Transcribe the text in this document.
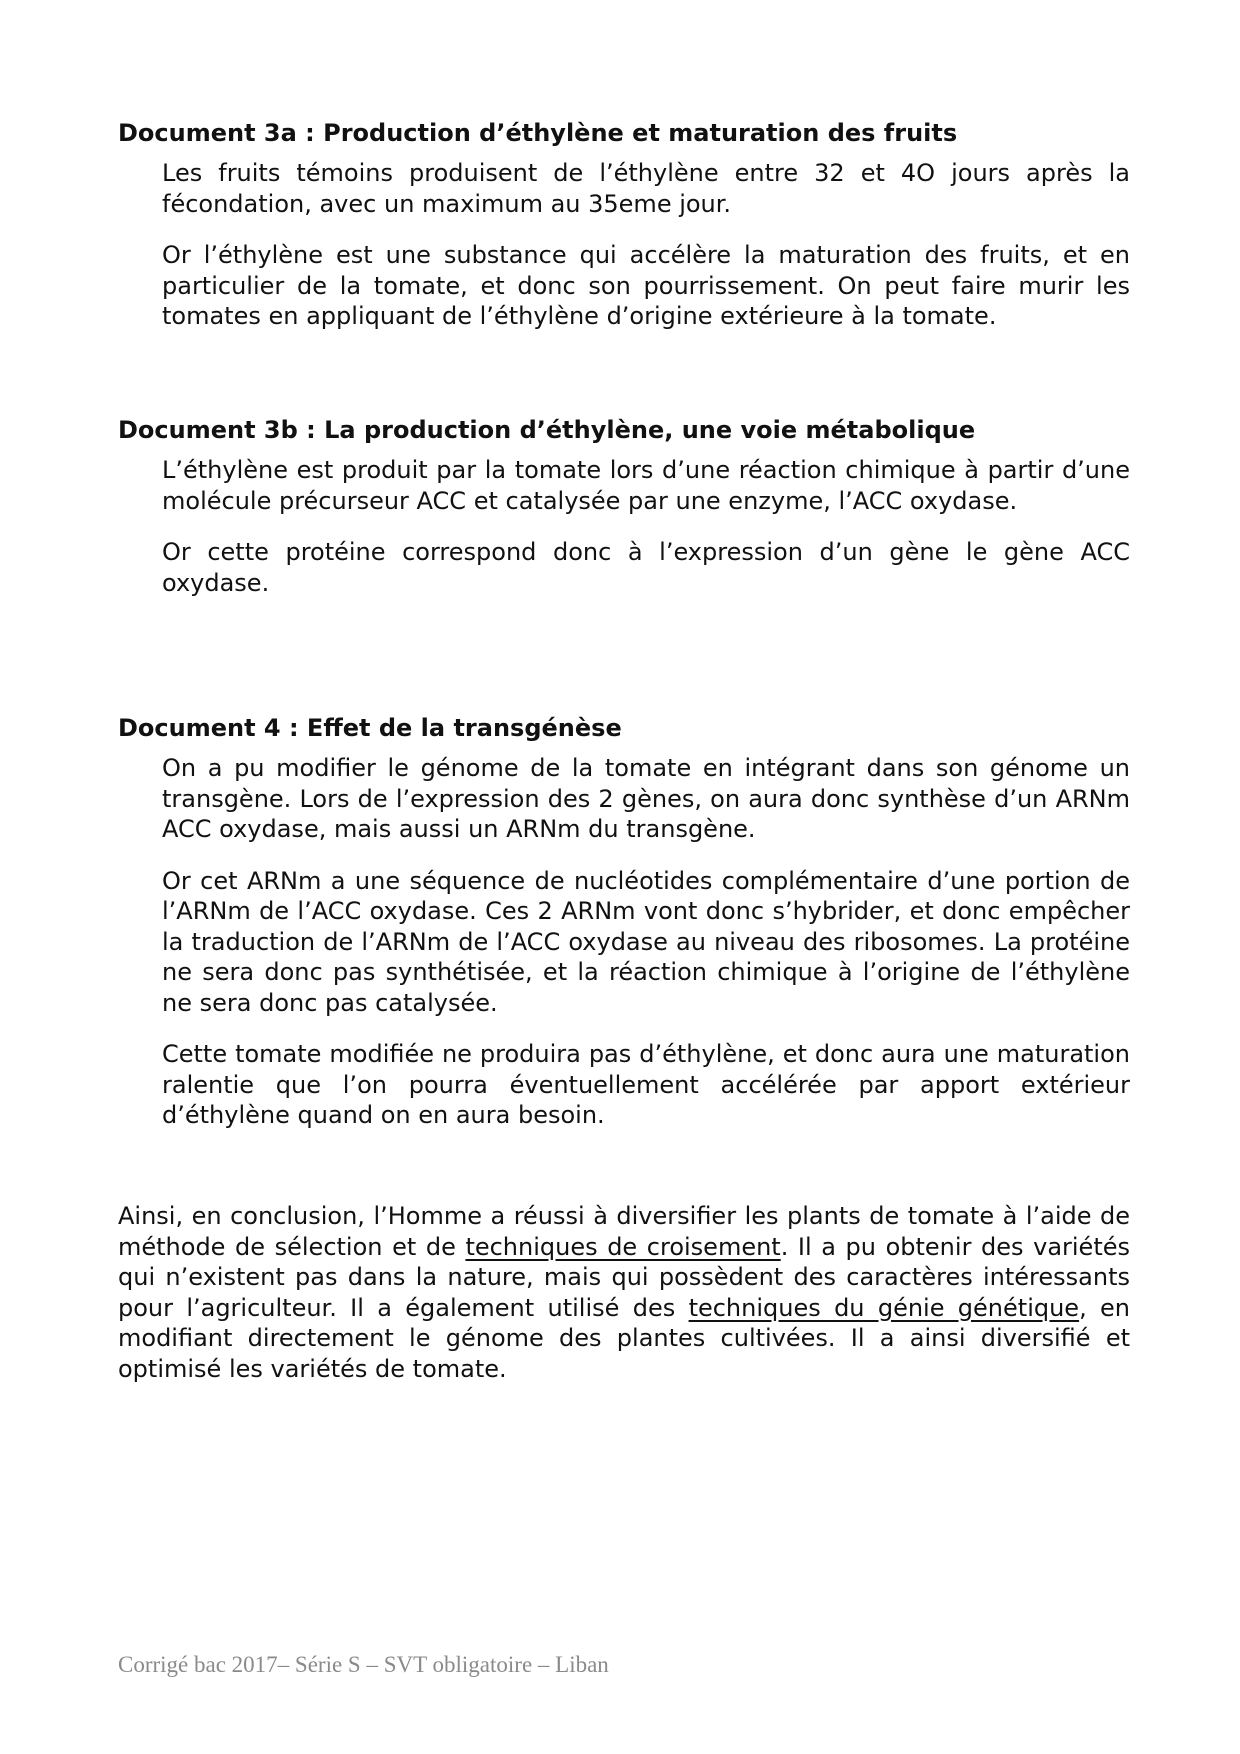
Document 3a : Production d’éthylène et maturation des fruits

Les fruits témoins produisent de l’éthylène entre 32 et 4O jours après la fécondation, avec un maximum au 35eme jour.

Or l’éthylène est une substance qui accélère la maturation des fruits, et en particulier de la tomate, et donc son pourrissement. On peut faire murir les tomates en appliquant de l’éthylène d’origine extérieure à la tomate.

Document 3b : La production d’éthylène, une voie métabolique

L’éthylène est produit par la tomate lors d’une réaction chimique à partir d’une molécule précurseur ACC et catalysée par une enzyme, l’ACC oxydase.

Or cette protéine correspond donc à l’expression d’un gène le gène ACC oxydase.

Document 4 : Effet de la transgénèse

On a pu modifier le génome de la tomate en intégrant dans son génome un transgène. Lors de l’expression des 2 gènes, on aura donc synthèse d’un ARNm ACC oxydase, mais aussi un ARNm du transgène.

Or cet ARNm a une séquence de nucléotides complémentaire d’une portion de l’ARNm de l’ACC oxydase. Ces 2 ARNm vont donc s’hybrider, et donc empêcher la traduction de l’ARNm de l’ACC oxydase au niveau des ribosomes. La protéine ne sera donc pas synthétisée, et la réaction chimique à l’origine de l’éthylène ne sera donc pas catalysée.

Cette tomate modifiée ne produira pas d’éthylène, et donc aura une maturation ralentie que l’on pourra éventuellement accélérée par apport extérieur d’éthylène quand on en aura besoin.

Ainsi, en conclusion, l’Homme a réussi à diversifier les plants de tomate à l’aide de méthode de sélection et de techniques de croisement. Il a pu obtenir des variétés qui n’existent pas dans la nature, mais qui possèdent des caractères intéressants pour l’agriculteur. Il a également utilisé des techniques du génie génétique, en modifiant directement le génome des plantes cultivées. Il a ainsi diversifié et optimisé les variétés de tomate.

Corrigé bac 2017– Série S – SVT obligatoire – Liban
